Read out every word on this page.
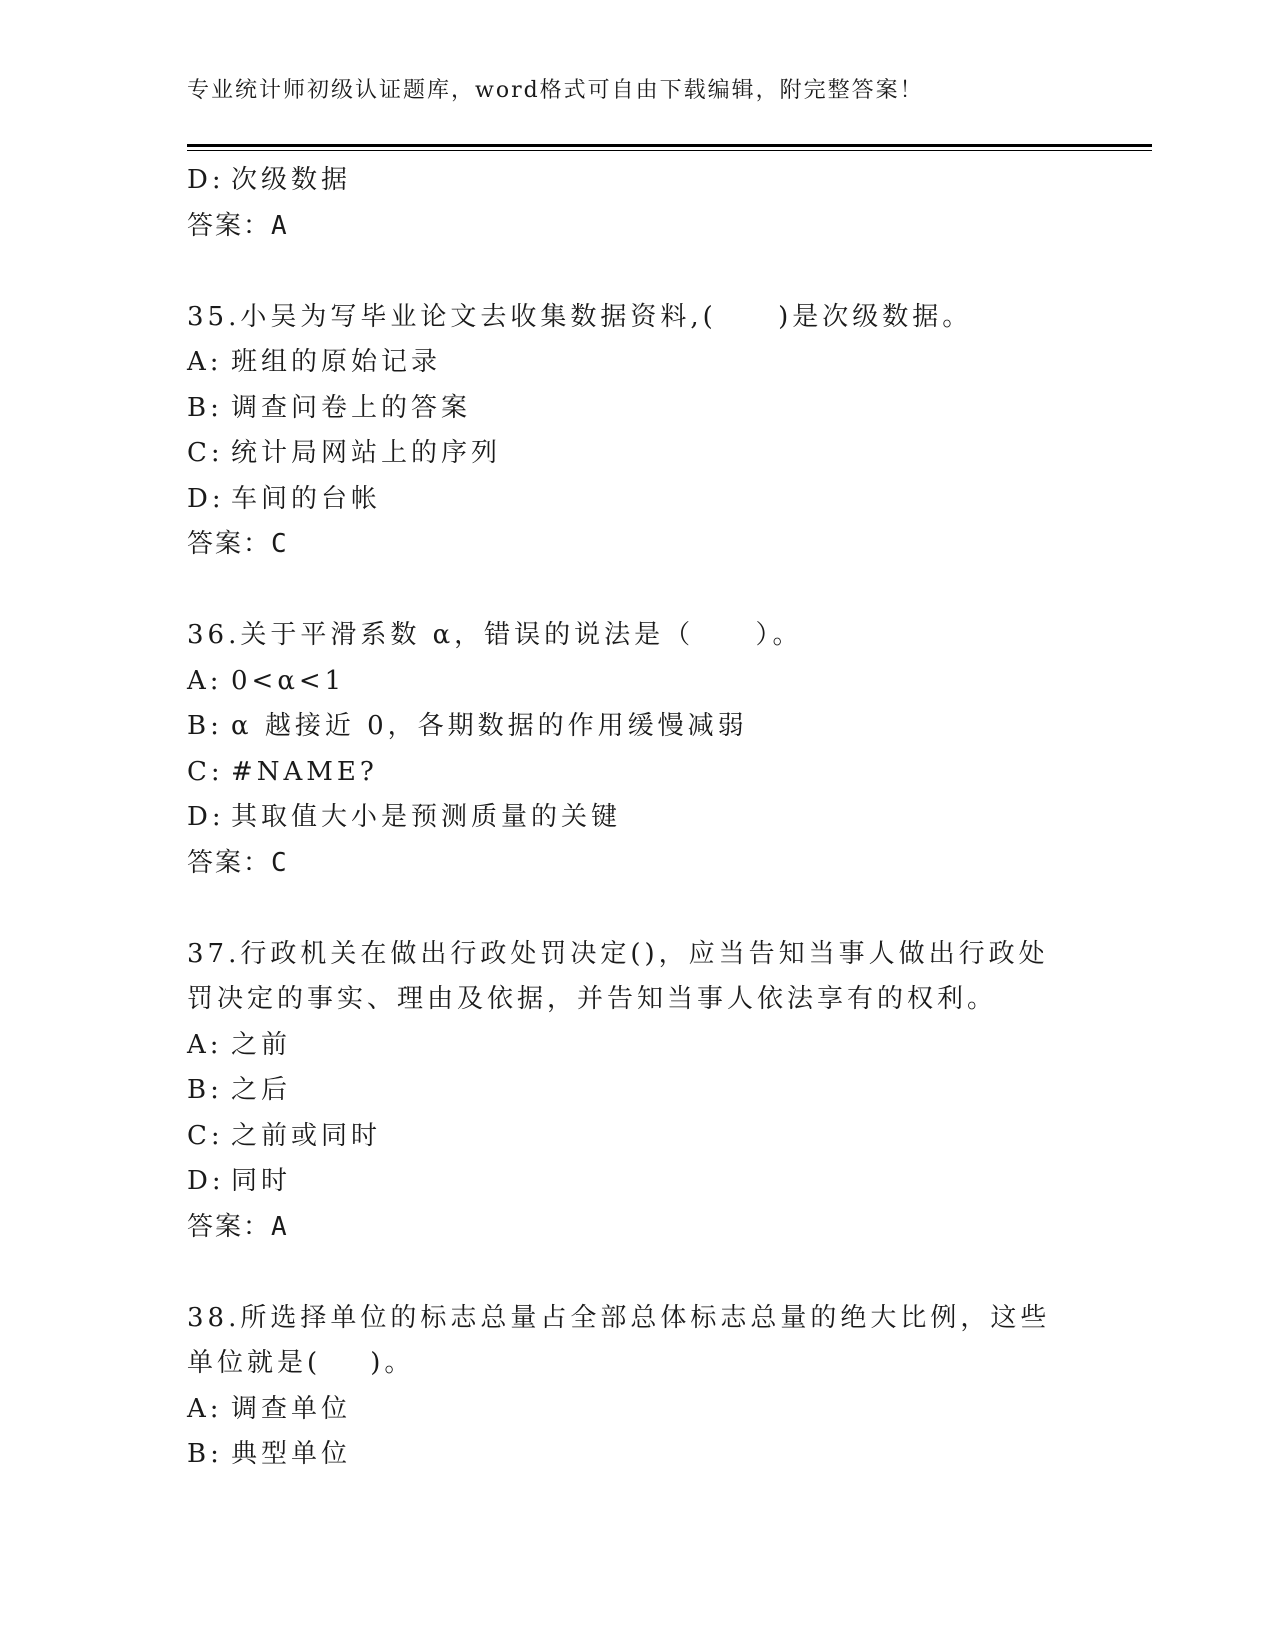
专业统计师初级认证题库，word格式可自由下载编辑，附完整答案！
D: 次级数据
答案：A
35.小吴为写毕业论文去收集数据资料,(     )是次级数据。
A: 班组的原始记录
B: 调查问卷上的答案
C: 统计局网站上的序列
D: 车间的台帐
答案：C
36.关于平滑系数 α，错误的说法是（     ）。
A: 0<α<1
B: α 越接近 0，各期数据的作用缓慢减弱
C: #NAME?
D: 其取值大小是预测质量的关键
答案：C
37.行政机关在做出行政处罚决定()，应当告知当事人做出行政处罚决定的事实、理由及依据，并告知当事人依法享有的权利。
A: 之前
B: 之后
C: 之前或同时
D: 同时
答案：A
38.所选择单位的标志总量占全部总体标志总量的绝大比例，这些单位就是(    )。
A: 调查单位
B: 典型单位
